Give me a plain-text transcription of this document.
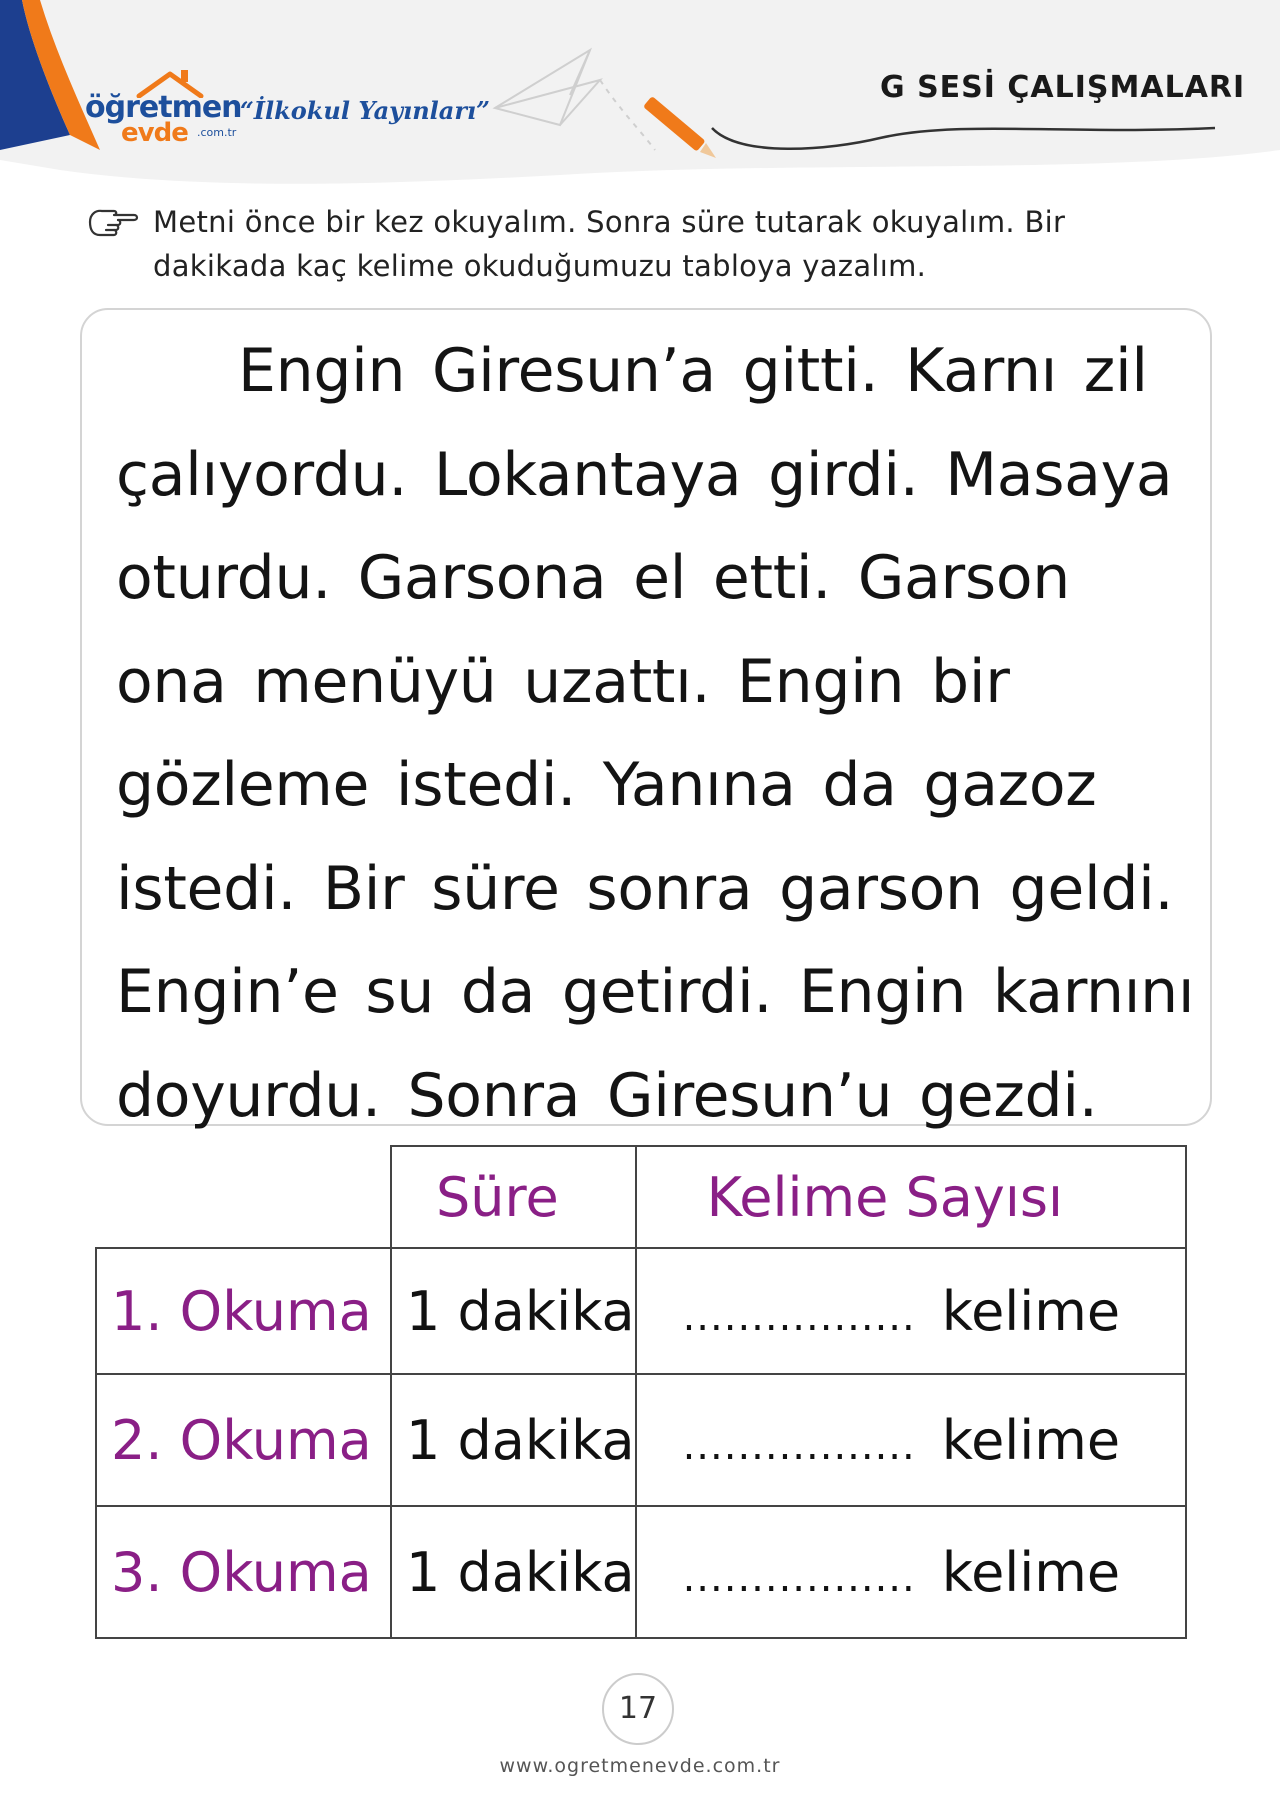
öğretmen
evde .com.tr
“İlkokul Yayınları”
G SESİ ÇALIŞMALARI
Metni önce bir kez okuyalım. Sonra süre tutarak okuyalım. Bir dakikada kaç kelime okuduğumuzu tabloya yazalım.

Engin Giresun’a gitti. Karnı zil çalıyordu. Lokantaya girdi. Masaya oturdu. Garsona el etti. Garson ona menüyü uzattı. Engin bir gözleme istedi. Yanına da gazoz istedi. Bir süre sonra garson geldi. Engin’e su da getirdi. Engin karnını doyurdu. Sonra Giresun’u gezdi.

	Süre	Kelime Sayısı
1. Okuma	1 dakika	................. kelime
2. Okuma	1 dakika	................. kelime
3. Okuma	1 dakika	................. kelime
17
www.ogretmenevde.com.tr
